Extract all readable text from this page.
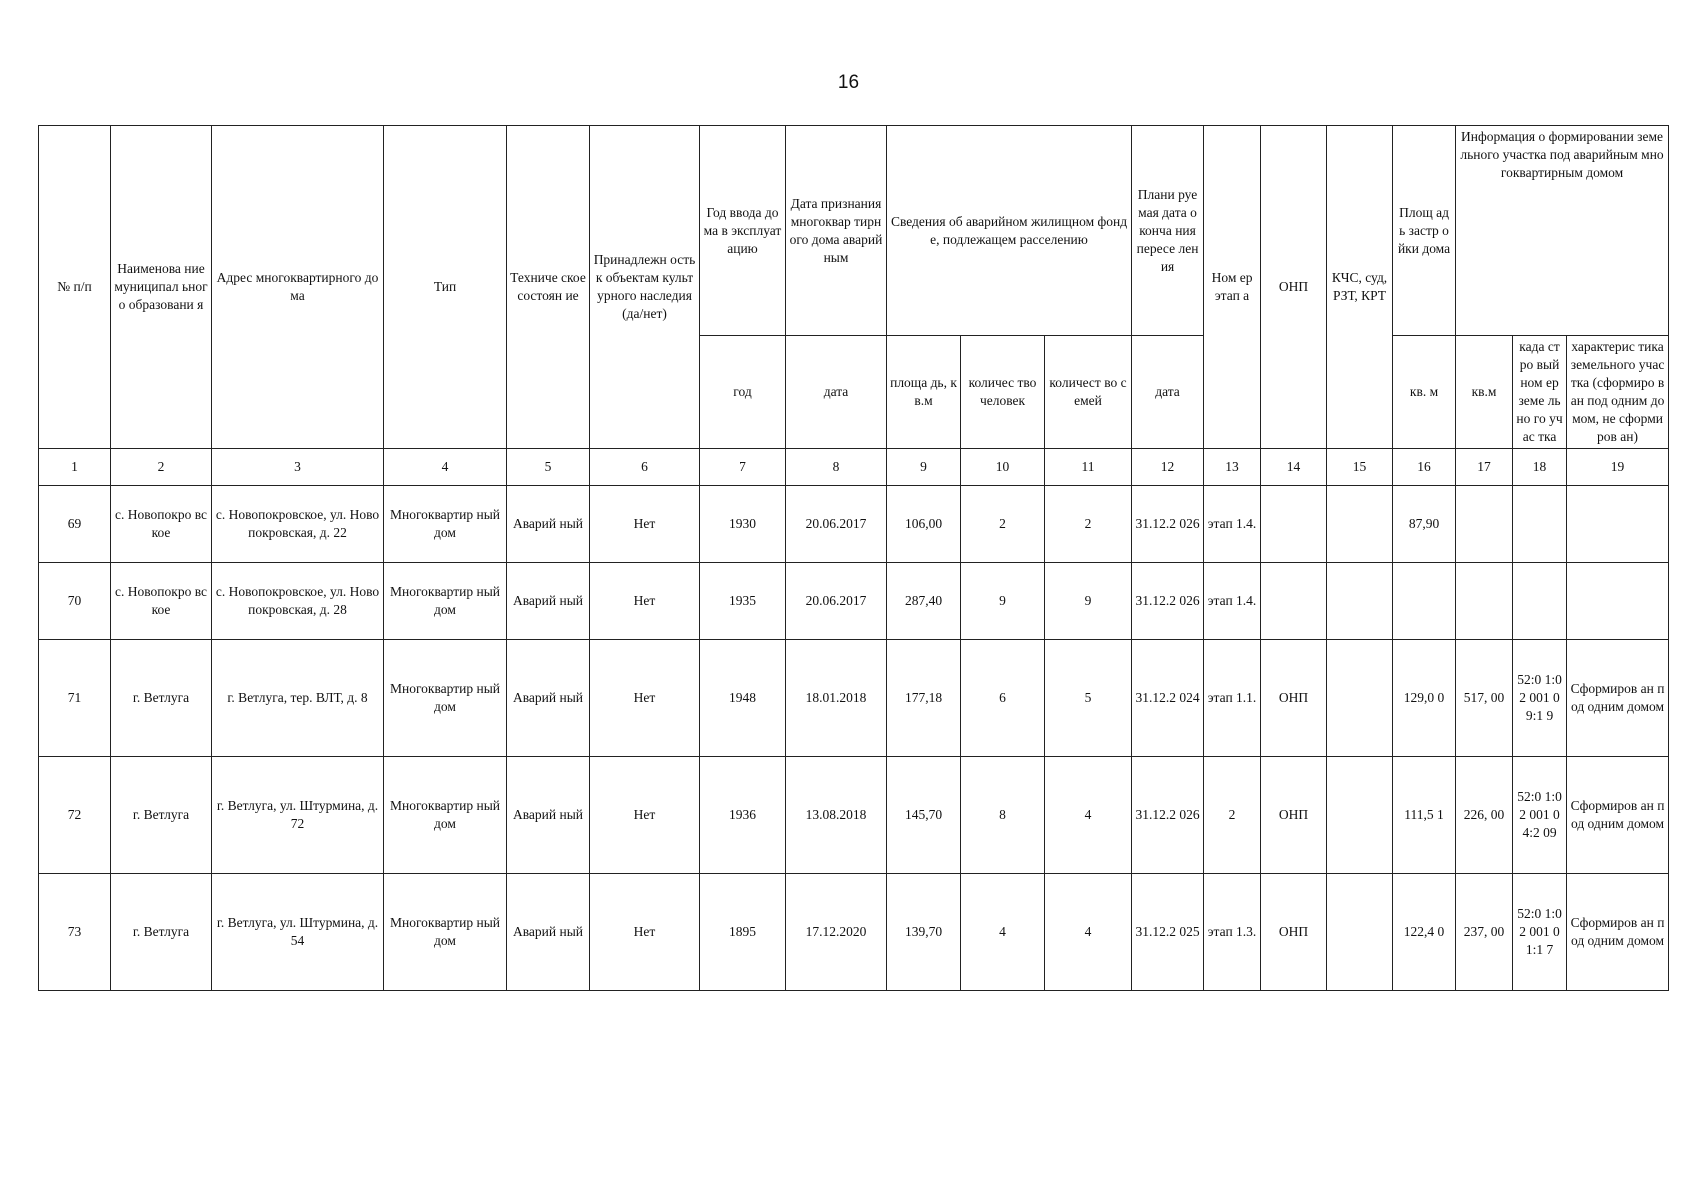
16
№ п/п	Наименова ние муниципал ьного образовани я	Адрес многоквартирного дома	Тип	Техниче ское состоян ие	Принадлежн ость к объектам культурного наследия (да/нет)	Год ввода дома в эксплуат ацию	Дата признания многоквар тирного дома аварийным	Сведения об аварийном жилищном фонде, подлежащем расселению			Плани руемая дата оконча ния пересе ления	Ном ер этап а	ОНП	КЧС, суд, РЗТ, КРТ	Площ адь застр ойки дома	Информация о формировании земельного участка под аварийным многоквартирным домом		
						год	дата	площа дь, кв.м	количес тво человек	количест во семей	дата				кв. м	кв.м	када стро вый ном ер земе льно го учас тка	характерис тика земельного участка (сформиро ван под одним домом, не сформиров ан)
1	2	3	4	5	6	7	8	9	10	11	12	13	14	15	16	17	18	19
69	с. Новопокро вское	с. Новопокровское, ул. Новопокровская, д. 22	Многоквартир ный дом	Аварий ный	Нет	1930	20.06.2017	106,00	2	2	31.12.2 026	этап 1.4.			87,90			
70	с. Новопокро вское	с. Новопокровское, ул. Новопокровская, д. 28	Многоквартир ный дом	Аварий ный	Нет	1935	20.06.2017	287,40	9	9	31.12.2 026	этап 1.4.						
71	г. Ветлуга	г. Ветлуга, тер. ВЛТ, д. 8	Многоквартир ный дом	Аварий ный	Нет	1948	18.01.2018	177,18	6	5	31.12.2 024	этап 1.1.	ОНП		129,0 0	517, 00	52:0 1:02 001 09:1 9	Сформиров ан под одним домом
72	г. Ветлуга	г. Ветлуга, ул. Штурмина, д. 72	Многоквартир ный дом	Аварий ный	Нет	1936	13.08.2018	145,70	8	4	31.12.2 026	2	ОНП		111,5 1	226, 00	52:0 1:02 001 04:2 09	Сформиров ан под одним домом
73	г. Ветлуга	г. Ветлуга, ул. Штурмина, д. 54	Многоквартир ный дом	Аварий ный	Нет	1895	17.12.2020	139,70	4	4	31.12.2 025	этап 1.3.	ОНП		122,4 0	237, 00	52:0 1:02 001 01:1 7	Сформиров ан под одним домом
